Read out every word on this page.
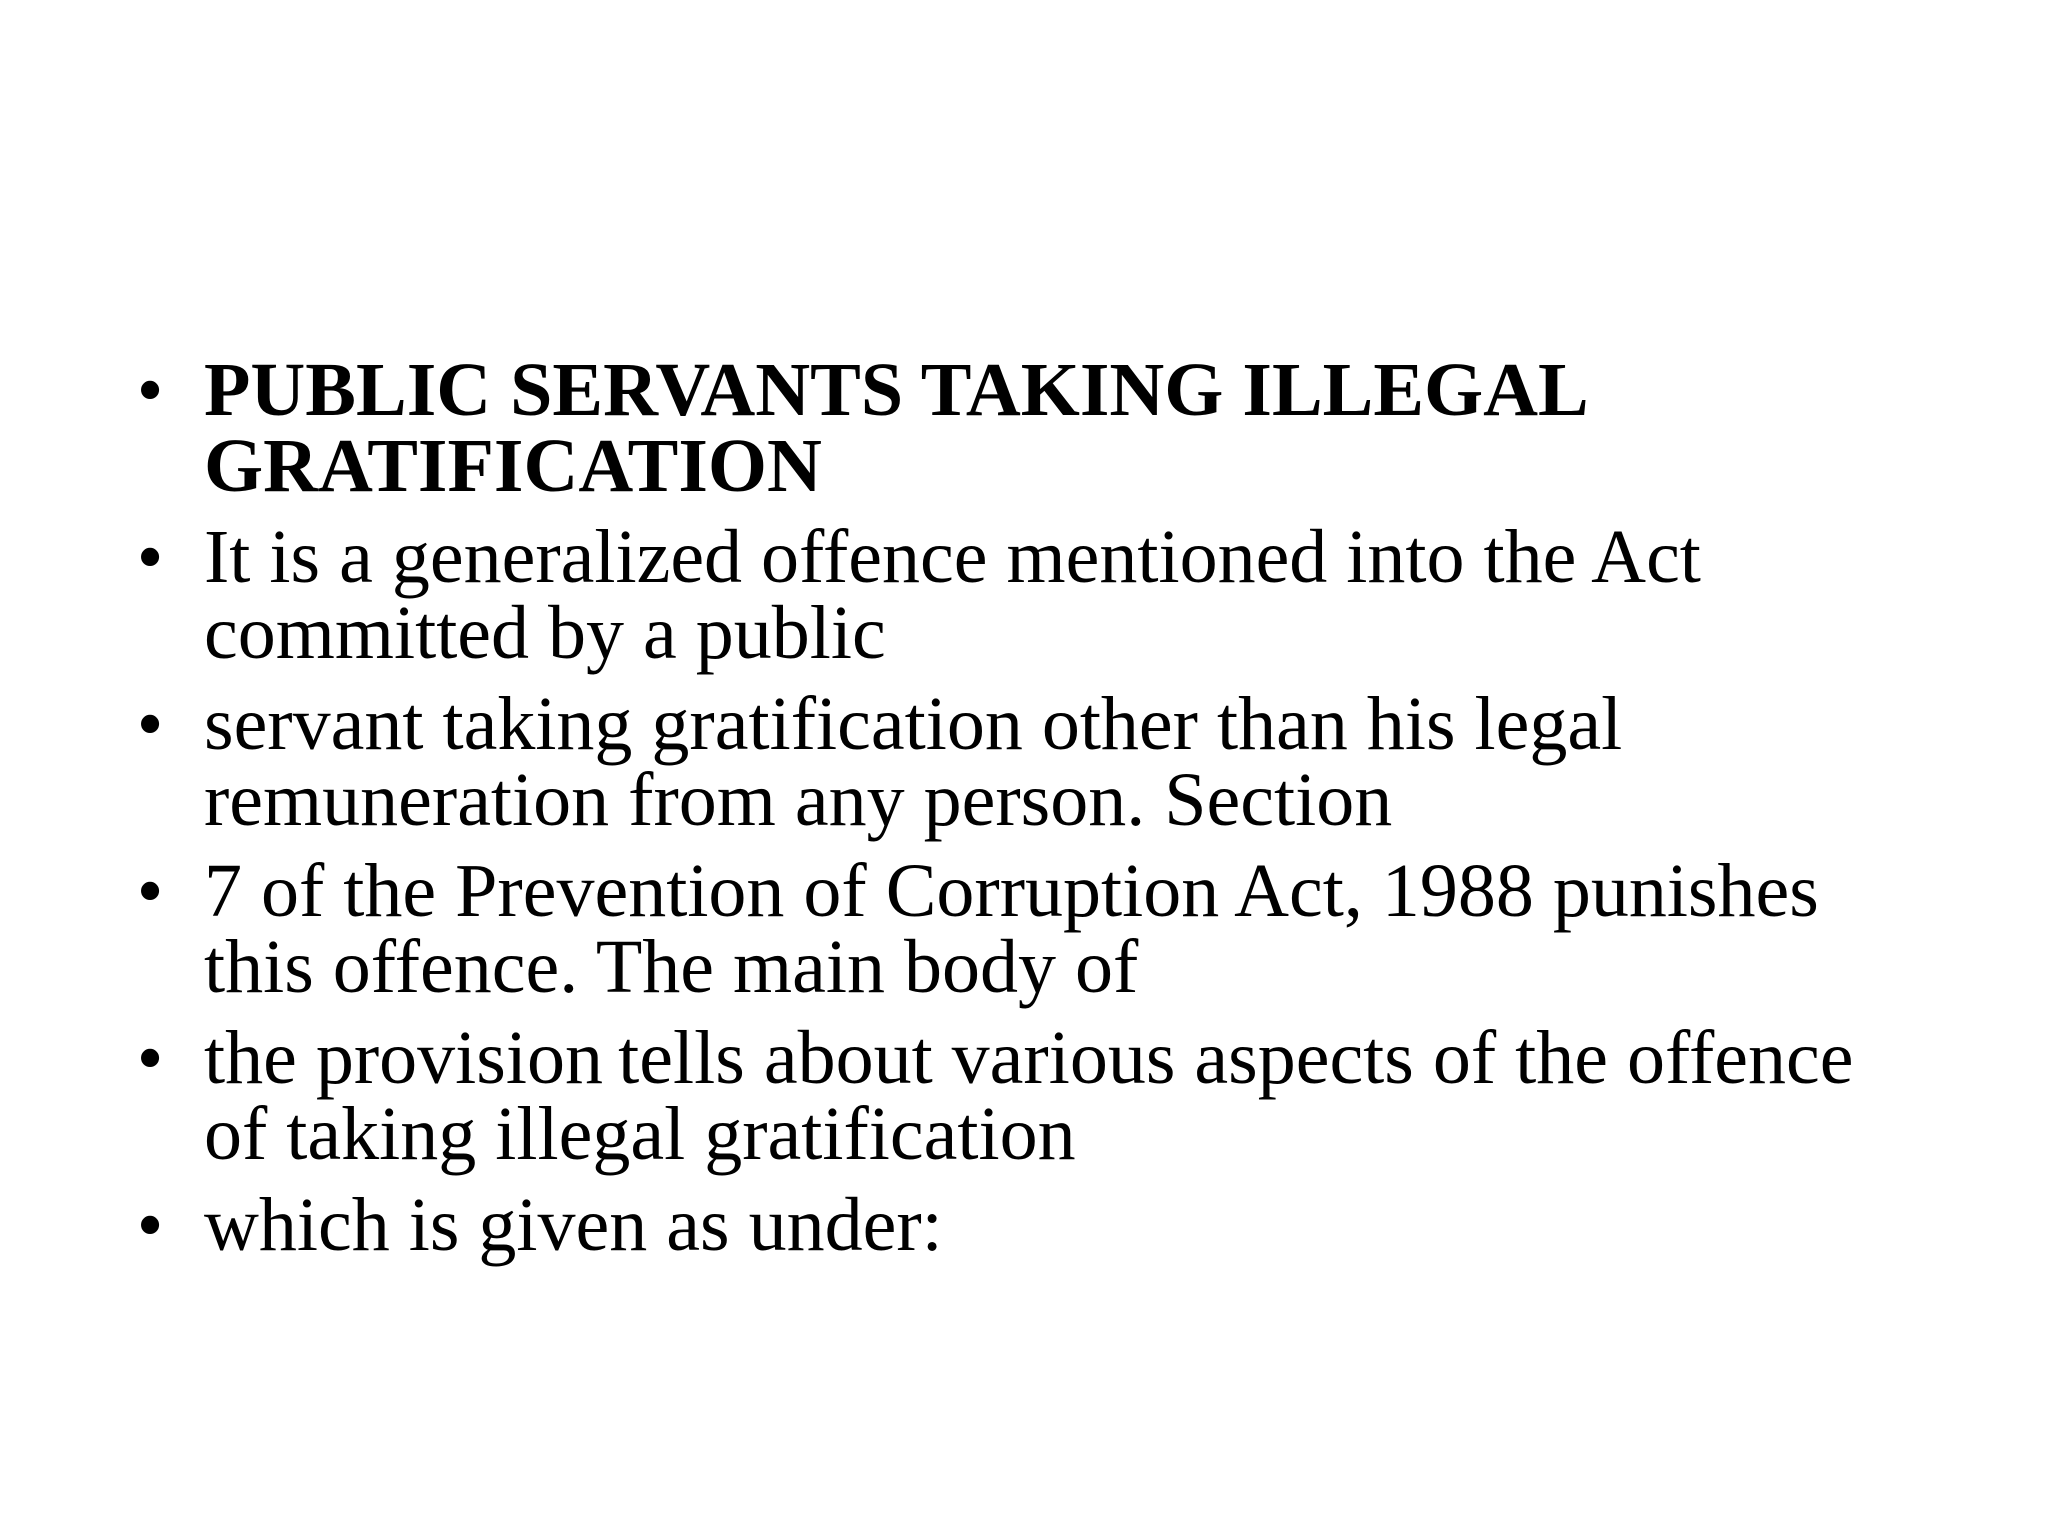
• PUBLIC SERVANTS TAKING ILLEGAL GRATIFICATION
• It is a generalized offence mentioned into the Act committed by a public
• servant taking gratification other than his legal remuneration from any person. Section
• 7 of the Prevention of Corruption Act, 1988 punishes this offence. The main body of
• the provision tells about various aspects of the offence of taking illegal gratification
• which is given as under:
